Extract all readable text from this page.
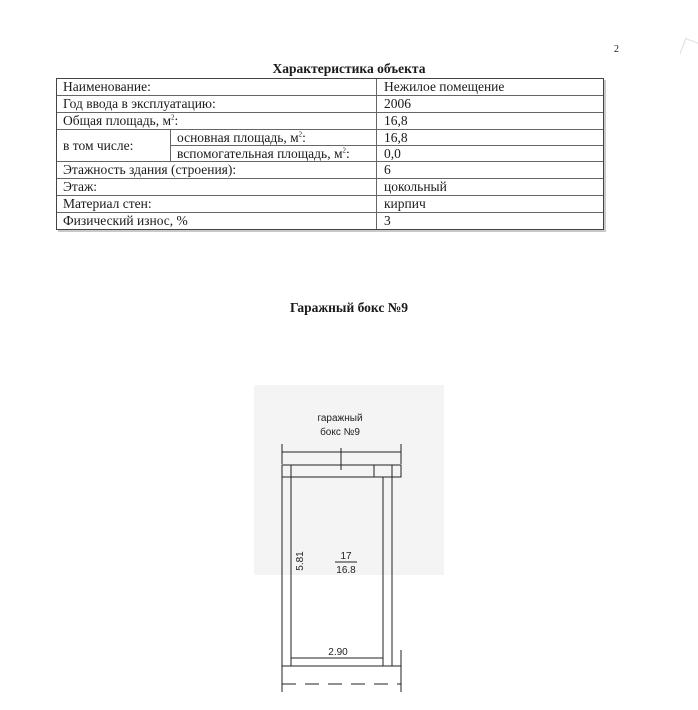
2
Характеристика объекта
Наименование:	Нежилое помещение
Год ввода в эксплуатацию:	2006
Общая площадь, $м^2$:	16,8
в том числе:
основная площадь, $м^2$:	16,8
вспомогательная площадь, $м^2$:	0,0
Этажность здания (строения):	6
Этаж:	цокольный
Материал стен:	кирпич
Физический износ, %	3
Гаражный бокс №9
гаражный
бокс №9
17
16.8
5.81
2.90
